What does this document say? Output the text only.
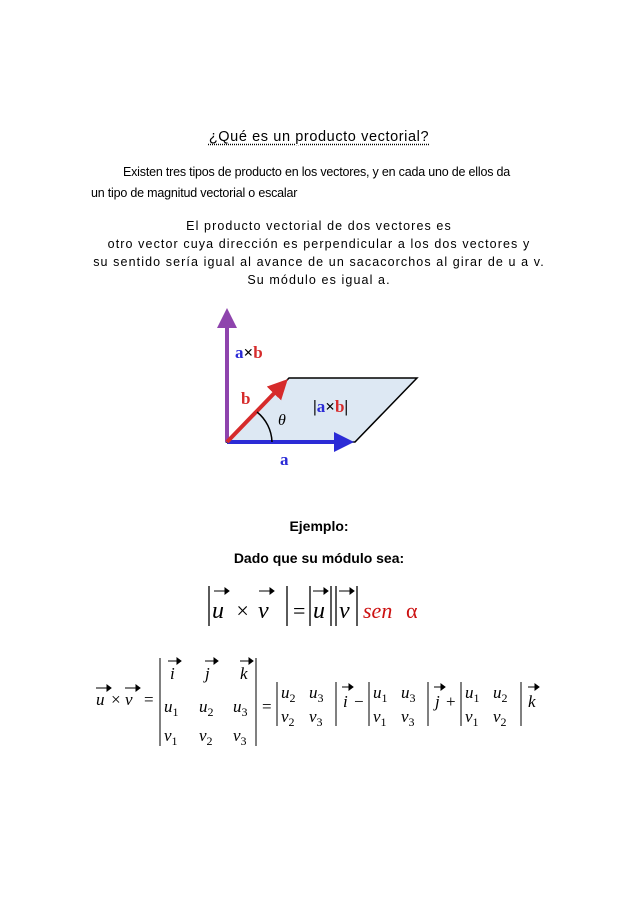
¿Qué es un producto vectorial?
Existen tres tipos de producto en los vectores, y en cada uno de ellos da
un tipo de magnitud vectorial o escalar
El producto vectorial de dos vectores es
otro vector cuya dirección es perpendicular a los dos vectores y
su sentido sería igual al avance de un sacacorchos al girar de u a v.
Su módulo es igual a.
a×b
b
θ
|a×b|
a
Ejemplo:
Dado que su módulo sea:
u × v = u v sen α
u × v =
i j k
$u_1$ $u_2$ $u_3$
$v_1$ $v_2$ $v_3$
=
$u_2$ $u_3$
$v_2$ $v_3$
$i - u_1$ $u_3$
$v_1$ $v_3$
$j + u_1$ $u_2$
$v_1$ $v_2$
k
